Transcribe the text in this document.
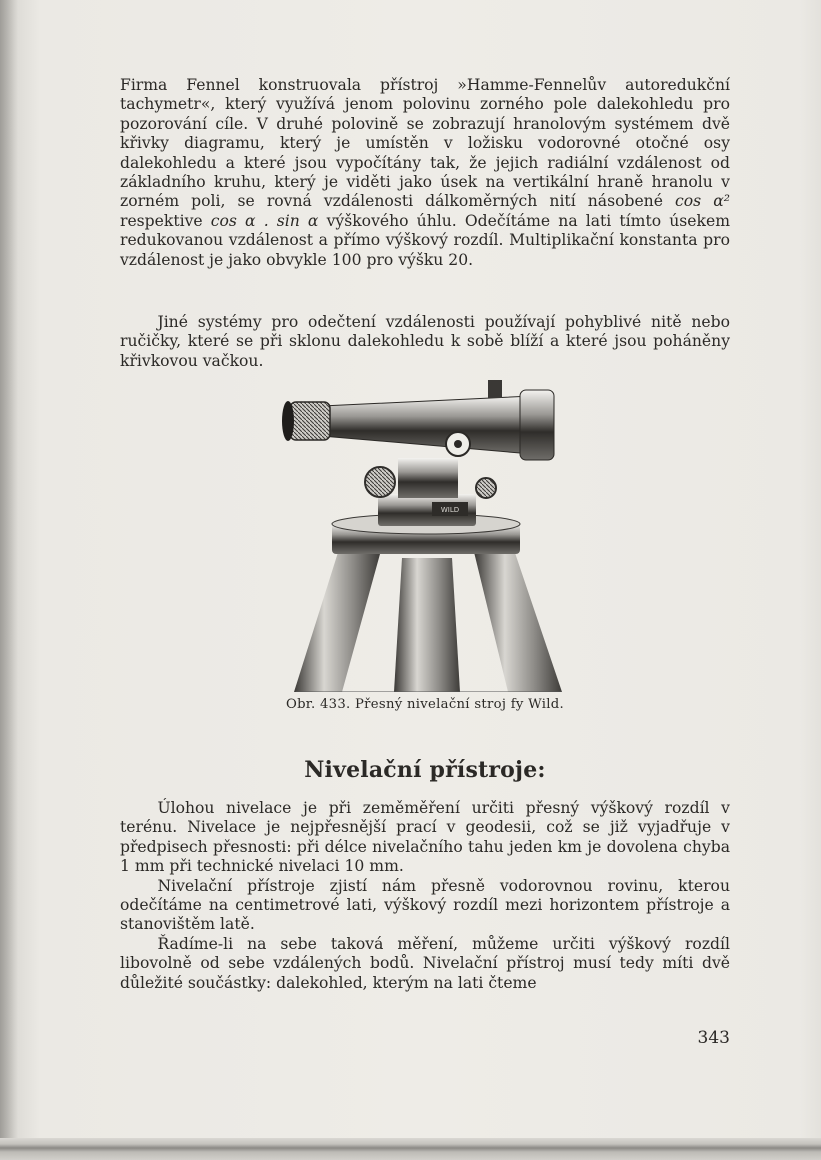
Firma Fennel konstruovala přístroj »Hamme-Fennelův autoredukční tachymetr«, který využívá jenom polovinu zorného pole dalekohledu pro pozorování cíle. V druhé polovině se zobrazují hranolovým systémem dvě křivky diagramu, který je umístěn v ložisku vodorovné otočné osy dalekohledu a které jsou vypočítány tak, že jejich radiální vzdálenost od základního kruhu, který je viděti jako úsek na vertikální hraně hranolu v zorném poli, se rovná vzdálenosti dálkoměrných nití násobené cos α² respektive cos α . sin α výškového úhlu. Odečítáme na lati tímto úsekem redukovanou vzdálenost a přímo výškový rozdíl. Multiplikační konstanta pro vzdálenost je jako obvykle 100 pro výšku 20.
Jiné systémy pro odečtení vzdálenosti používají pohyblivé nitě nebo ručičky, které se při sklonu dalekohledu k sobě blíží a které jsou poháněny křivkovou vačkou.
WILD
Obr. 433. Přesný nivelační stroj fy Wild.
Nivelační přístroje:
Úlohou nivelace je při zeměměření určiti přesný výškový rozdíl v terénu. Nivelace je nejpřesnější prací v geodesii, což se již vyjadřuje v předpisech přesnosti: při délce nivelačního tahu jeden km je dovolena chyba 1 mm při technické nivelaci 10 mm.
Nivelační přístroje zjistí nám přesně vodorovnou rovinu, kterou odečítáme na centimetrové lati, výškový rozdíl mezi horizontem přístroje a stanovištěm latě.
Řadíme-li na sebe taková měření, můžeme určiti výškový rozdíl libovolně od sebe vzdálených bodů. Nivelační přístroj musí tedy míti dvě důležité součástky: dalekohled, kterým na lati čteme
343
